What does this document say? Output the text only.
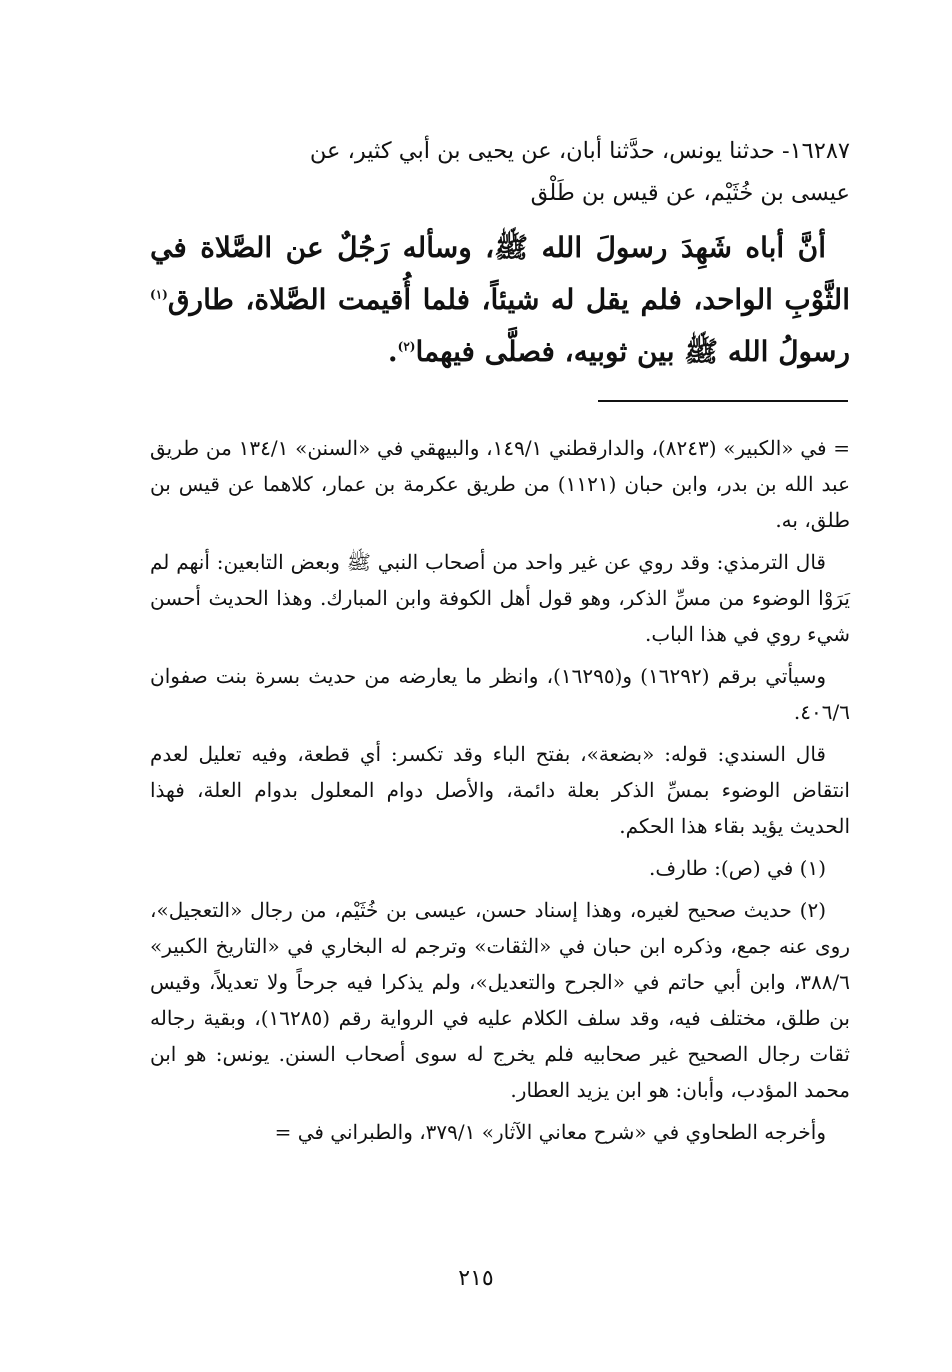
١٦٢٨٧- حدثنا يونس، حدَّثنا أبان، عن يحيى بن أبي كثير، عن
عيسى بن خُثَيْم، عن قيس بن طَلْق

أنَّ أباه شَهِدَ رسولَ الله ﷺ، وسأله رَجُلٌ عن الصَّلاة في الثَّوْبِ الواحد، فلم يقل له شيئاً، فلما أُقيمت الصَّلاة، طارق$^{(١)}$ رسولُ الله ﷺ بين ثوبيه، فصلَّى فيهما$^{(٢)}$.

= في «الكبير» (٨٢٤٣)، والدارقطني ١٤٩/١، والبيهقي في «السنن» ١٣٤/١ من طريق عبد الله بن بدر، وابن حبان (١١٢١) من طريق عكرمة بن عمار، كلاهما عن قيس بن طلق، به.

قال الترمذي: وقد روي عن غير واحد من أصحاب النبي ﷺ وبعض التابعين: أنهم لم يَرَوْا الوضوء من مسِّ الذكر، وهو قول أهل الكوفة وابن المبارك. وهذا الحديث أحسن شيء روي في هذا الباب.

وسيأتي برقم (١٦٢٩٢) و(١٦٢٩٥)، وانظر ما يعارضه من حديث بسرة بنت صفوان ٤٠٦/٦.

قال السندي: قوله: «بضعة»، بفتح الباء وقد تكسر: أي قطعة، وفيه تعليل لعدم انتقاض الوضوء بمسِّ الذكر بعلة دائمة، والأصل دوام المعلول بدوام العلة، فهذا الحديث يؤيد بقاء هذا الحكم.

(١) في (ص): طارف.

(٢) حديث صحيح لغيره، وهذا إسناد حسن، عيسى بن خُثَيْم، من رجال «التعجيل»، روى عنه جمع، وذكره ابن حبان في «الثقات» وترجم له البخاري في «التاريخ الكبير» ٣٨٨/٦، وابن أبي حاتم في «الجرح والتعديل»، ولم يذكرا فيه جرحاً ولا تعديلاً، وقيس بن طلق، مختلف فيه، وقد سلف الكلام عليه في الرواية رقم (١٦٢٨٥)، وبقية رجاله ثقات رجال الصحيح غير صحابيه فلم يخرج له سوى أصحاب السنن. يونس: هو ابن محمد المؤدب، وأبان: هو ابن يزيد العطار.

وأخرجه الطحاوي في «شرح معاني الآثار» ٣٧٩/١، والطبراني في =

٢١٥
